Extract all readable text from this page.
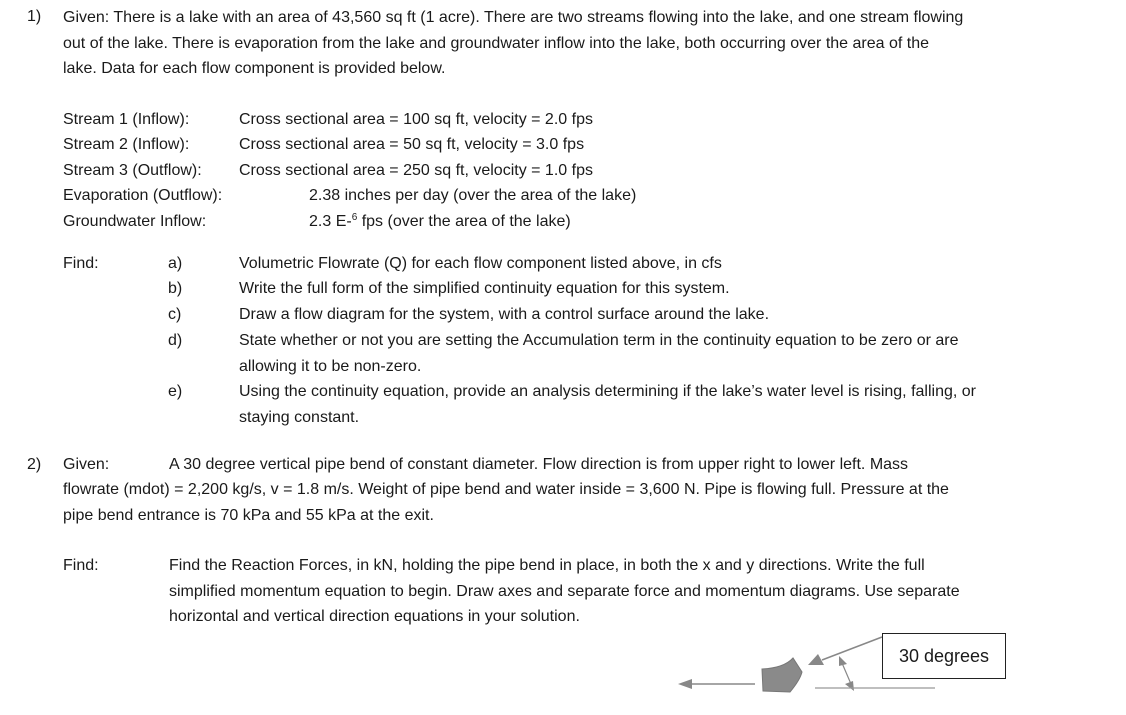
1) Given: There is a lake with an area of 43,560 sq ft (1 acre). There are two streams flowing into the lake, and one stream flowing
out of the lake. There is evaporation from the lake and groundwater inflow into the lake, both occurring over the area of the
lake. Data for each flow component is provided below.
Stream 1 (Inflow):	Cross sectional area = 100 sq ft, velocity = 2.0 fps
Stream 2 (Inflow):	Cross sectional area = 50 sq ft, velocity = 3.0 fps
Stream 3 (Outflow): Cross sectional area = 250 sq ft, velocity = 1.0 fps
Evaporation (Outflow):	2.38 inches per day (over the area of the lake)
Groundwater Inflow:	2.3 E-$^6$ fps (over the area of the lake)
Find:	a)	Volumetric Flowrate (Q) for each flow component listed above, in cfs
b)	Write the full form of the simplified continuity equation for this system.
c)	Draw a flow diagram for the system, with a control surface around the lake.
d)	State whether or not you are setting the Accumulation term in the continuity equation to be zero or are
allowing it to be non-zero.
e)	Using the continuity equation, provide an analysis determining if the lake’s water level is rising, falling, or
staying constant.
2) Given:	A 30 degree vertical pipe bend of constant diameter. Flow direction is from upper right to lower left. Mass
flowrate (mdot) = 2,200 kg/s, v = 1.8 m/s. Weight of pipe bend and water inside = 3,600 N. Pipe is flowing full. Pressure at the
pipe bend entrance is 70 kPa and 55 kPa at the exit.
Find:	Find the Reaction Forces, in kN, holding the pipe bend in place, in both the x and y directions. Write the full
simplified momentum equation to begin. Draw axes and separate force and momentum diagrams. Use separate
horizontal and vertical direction equations in your solution.
30 degrees
